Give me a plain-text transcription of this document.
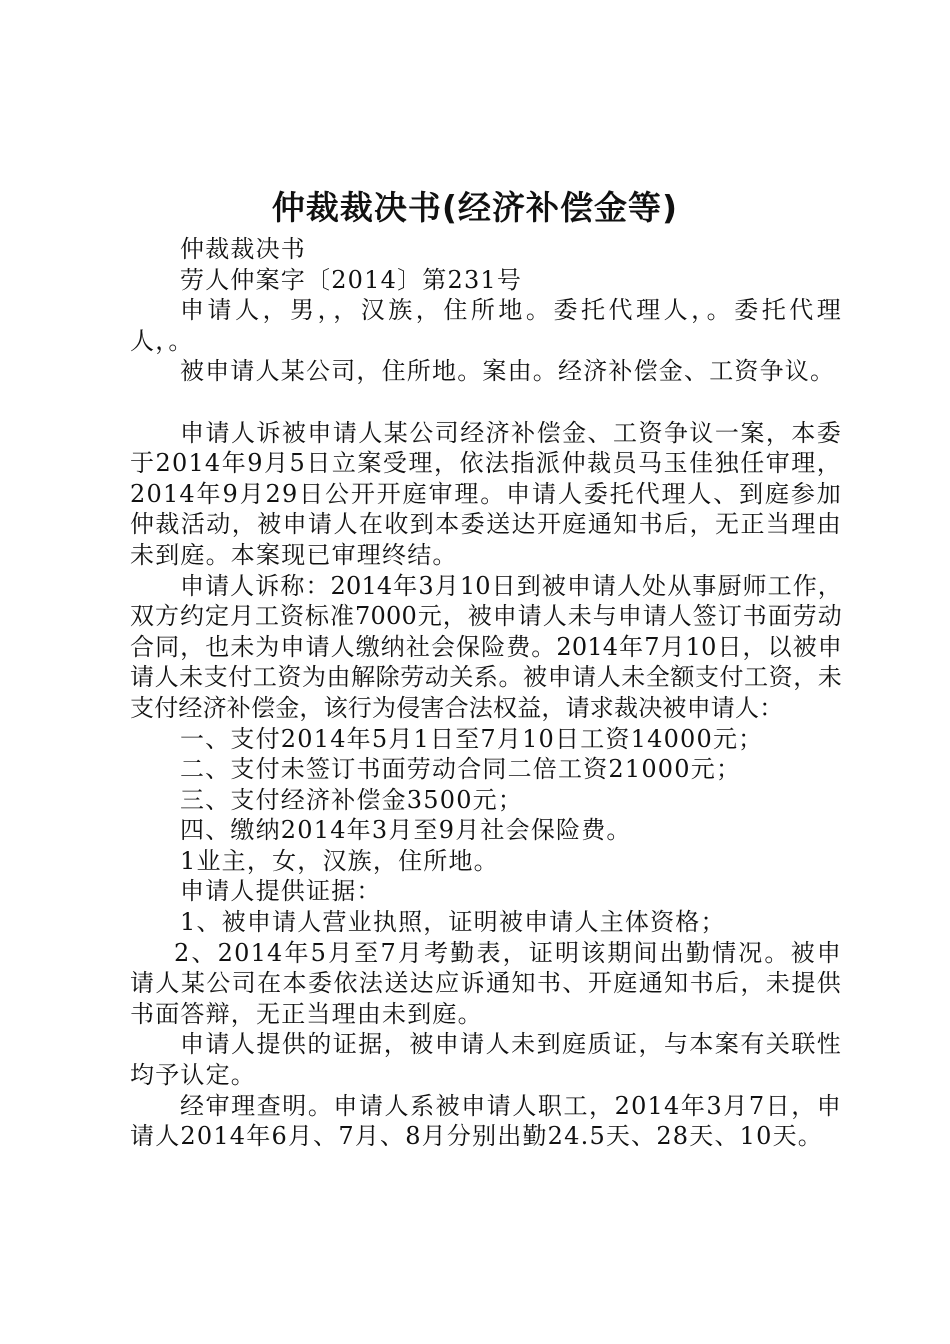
仲裁裁决书(经济补偿金等)

仲裁裁决书

劳人仲案字〔2014〕第231号

申请人，男，，汉族，住所地。委托代理人，。委托代理人，。

被申请人某公司，住所地。案由。经济补偿金、工资争议。

申请人诉被申请人某公司经济补偿金、工资争议一案，本委于2014年9月5日立案受理，依法指派仲裁员马玉佳独任审理，2014年9月29日公开开庭审理。申请人委托代理人、到庭参加仲裁活动，被申请人在收到本委送达开庭通知书后，无正当理由未到庭。本案现已审理终结。

申请人诉称：2014年3月10日到被申请人处从事厨师工作，双方约定月工资标准7000元，被申请人未与申请人签订书面劳动合同，也未为申请人缴纳社会保险费。2014年7月10日，以被申请人未支付工资为由解除劳动关系。被申请人未全额支付工资，未支付经济补偿金，该行为侵害合法权益，请求裁决被申请人：

一、支付2014年5月1日至7月10日工资14000元；

二、支付未签订书面劳动合同二倍工资21000元；

三、支付经济补偿金3500元；

四、缴纳2014年3月至9月社会保险费。

1业主，女，汉族，住所地。

申请人提供证据：

1、被申请人营业执照，证明被申请人主体资格；

2、2014年5月至7月考勤表，证明该期间出勤情况。被申请人某公司在本委依法送达应诉通知书、开庭通知书后，未提供书面答辩，无正当理由未到庭。

申请人提供的证据，被申请人未到庭质证，与本案有关联性均予认定。

经审理查明。申请人系被申请人职工，2014年3月7日，申请人2014年6月、7月、8月分别出勤24.5天、28天、10天。
